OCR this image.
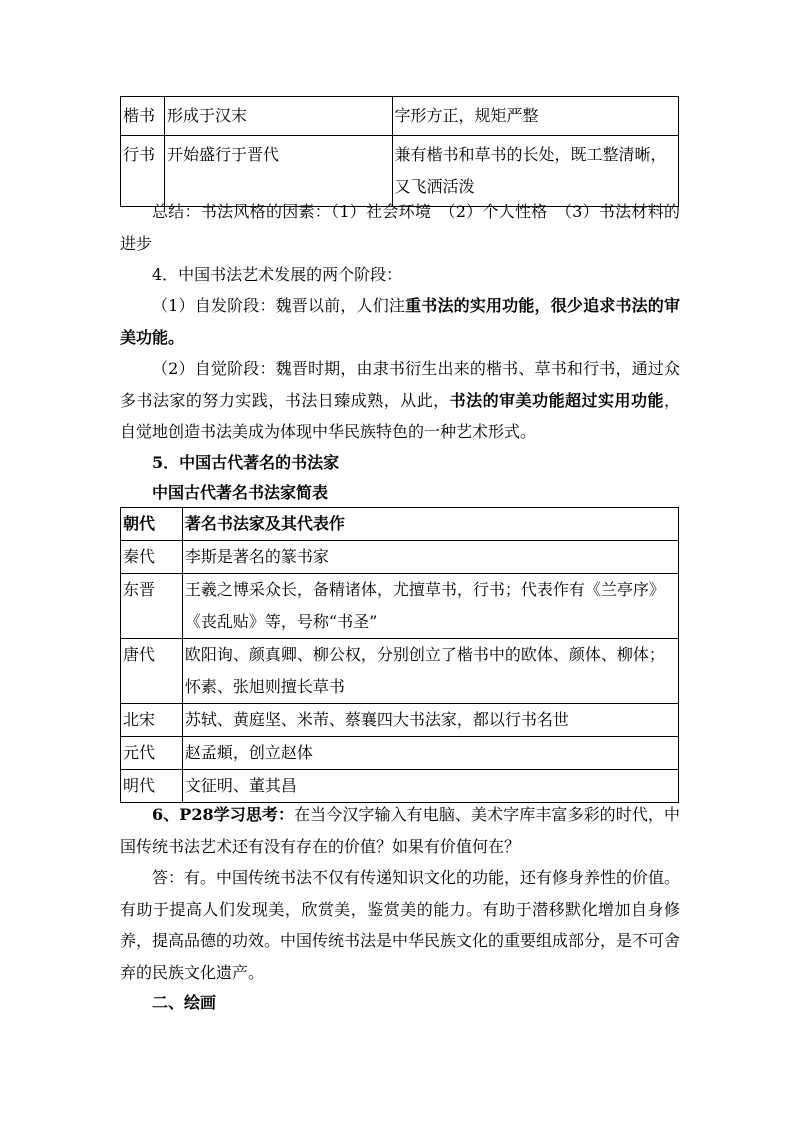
楷书	形成于汉末	字形方正，规矩严整
行书	开始盛行于晋代	兼有楷书和草书的长处，既工整清晰，又飞洒活泼

总结：书法风格的因素：（1）社会环境　（2）个人性格　（3）书法材料的进步

4．中国书法艺术发展的两个阶段：

（1）自发阶段：魏晋以前，人们注重书法的实用功能，很少追求书法的审美功能。

（2）自觉阶段：魏晋时期，由隶书衍生出来的楷书、草书和行书，通过众多书法家的努力实践，书法日臻成熟，从此，书法的审美功能超过实用功能，自觉地创造书法美成为体现中华民族特色的一种艺术形式。

5．中国古代著名的书法家

中国古代著名书法家简表

朝代	著名书法家及其代表作
秦代	李斯是著名的篆书家
东晋	王羲之博采众长，备精诸体，尤擅草书，行书；代表作有《兰亭序》《丧乱贴》等，号称“书圣”
唐代	欧阳询、颜真卿、柳公权，分别创立了楷书中的欧体、颜体、柳体；怀素、张旭则擅长草书
北宋	苏轼、黄庭坚、米芾、蔡襄四大书法家，都以行书名世
元代	赵孟頫，创立赵体
明代	文征明、董其昌

6、P28学习思考：在当今汉字输入有电脑、美术字库丰富多彩的时代，中国传统书法艺术还有没有存在的价值？如果有价值何在？

答：有。中国传统书法不仅有传递知识文化的功能，还有修身养性的价值。有助于提高人们发现美，欣赏美，鉴赏美的能力。有助于潜移默化增加自身修养，提高品德的功效。中国传统书法是中华民族文化的重要组成部分，是不可舍弃的民族文化遗产。

二、绘画
